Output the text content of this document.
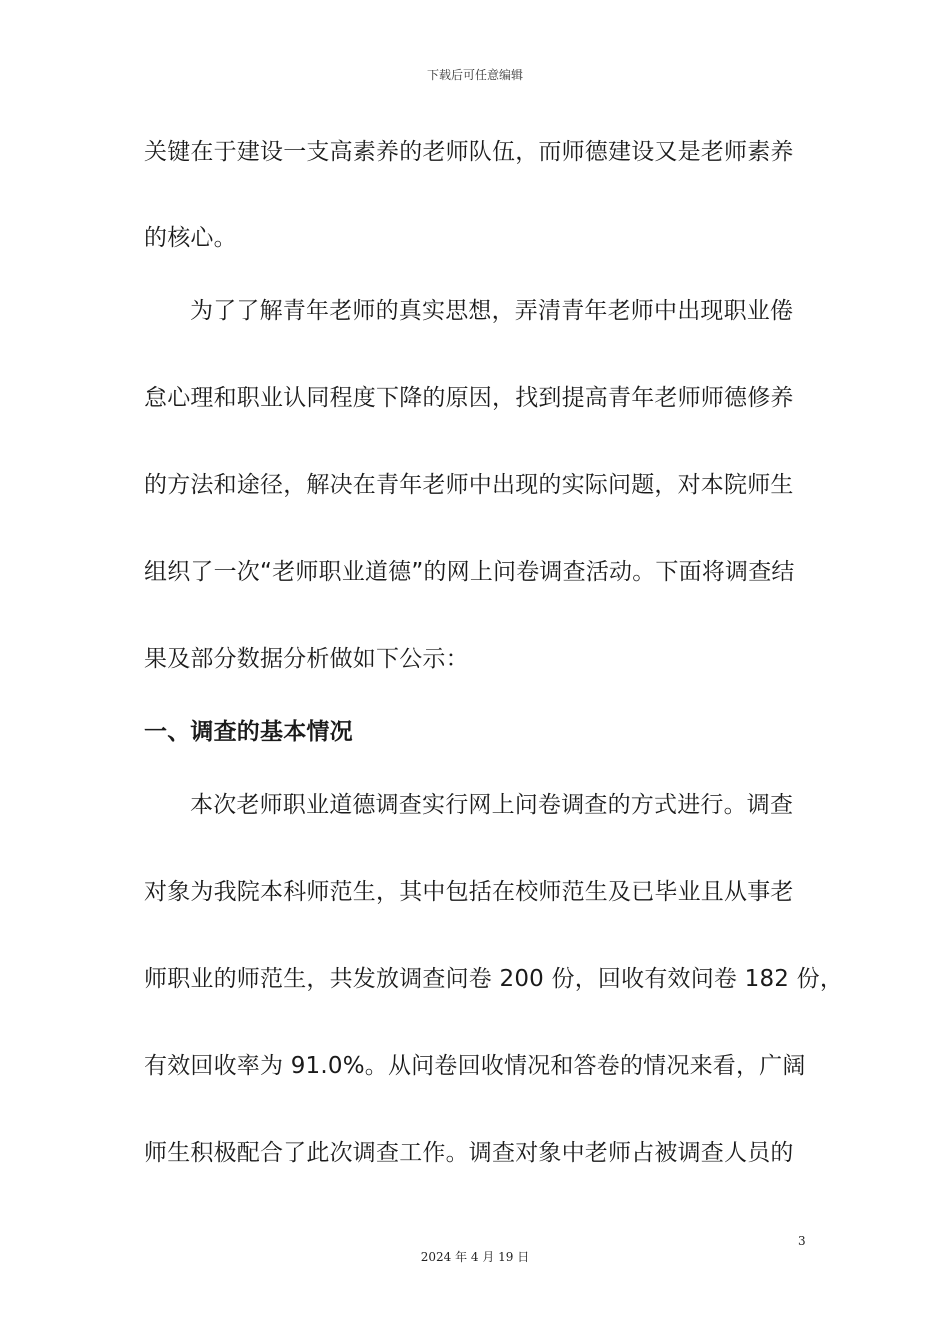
下载后可任意编辑
关键在于建设一支高素养的老师队伍，而师德建设又是老师素养
的核心。
为了了解青年老师的真实思想，弄清青年老师中出现职业倦
怠心理和职业认同程度下降的原因，找到提高青年老师师德修养
的方法和途径，解决在青年老师中出现的实际问题，对本院师生
组织了一次“老师职业道德”的网上问卷调查活动。下面将调查结
果及部分数据分析做如下公示：
一、调查的基本情况
本次老师职业道德调查实行网上问卷调查的方式进行。调查
对象为我院本科师范生，其中包括在校师范生及已毕业且从事老
师职业的师范生，共发放调查问卷 200 份，回收有效问卷 182 份，
有效回收率为 91.0%。从问卷回收情况和答卷的情况来看，广阔
师生积极配合了此次调查工作。调查对象中老师占被调查人员的
3
2024 年 4 月 19 日
